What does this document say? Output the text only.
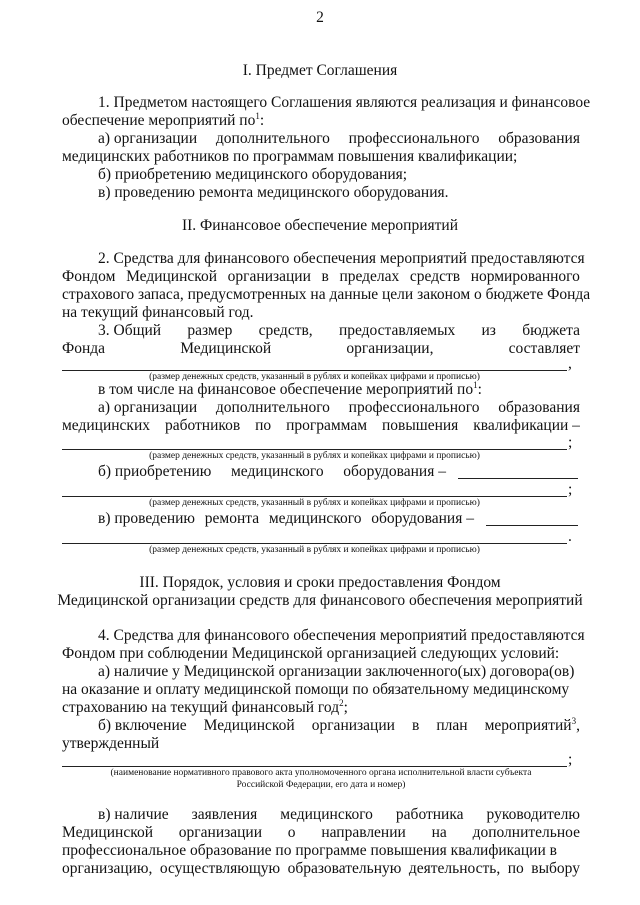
2
I. Предмет Соглашения
1. Предметом настоящего Соглашения являются реализация и финансовое
обеспечение мероприятий $по^1$:
а) организации дополнительного профессионального образования
медицинских работников по программам повышения квалификации;
б) приобретению медицинского оборудования;
в) проведению ремонта медицинского оборудования.
II. Финансовое обеспечение мероприятий
2. Средства для финансового обеспечения мероприятий предоставляются
Фондом Медицинской организации в пределах средств нормированного
страхового запаса, предусмотренных на данные цели законом о бюджете Фонда
на текущий финансовый год.
3. Общий размер средств, предоставляемых из бюджета
Фонда	Медицинской	организации,	составляет
,
(размер денежных средств, указанный в рублях и копейках цифрами и прописью)
в том числе на финансовое обеспечение мероприятий $по^1$:
а) организации дополнительного профессионального образования
медицинских работников по программам повышения квалификации –
;
(размер денежных средств, указанный в рублях и копейках цифрами и прописью)
б) приобретению медицинского оборудования –
;
(размер денежных средств, указанный в рублях и копейках цифрами и прописью)
в) проведению ремонта медицинского оборудования –
.
(размер денежных средств, указанный в рублях и копейках цифрами и прописью)
III. Порядок, условия и сроки предоставления Фондом
Медицинской организации средств для финансового обеспечения мероприятий
4. Средства для финансового обеспечения мероприятий предоставляются
Фондом при соблюдении Медицинской организацией следующих условий:
а) наличие у Медицинской организации заключенного(ых) договора(ов)
на оказание и оплату медицинской помощи по обязательному медицинскому
страхованию на текущий финансовый год$^2$;
б) включение Медицинской организации в план мероприятий$^3$,
утвержденный
;
(наименование нормативного правового акта уполномоченного органа исполнительной власти субъекта
Российской Федерации, его дата и номер)
в) наличие заявления медицинского работника руководителю
Медицинской организации о направлении на дополнительное
профессиональное образование по программе повышения квалификации в
организацию, осуществляющую образовательную деятельность, по выбору
